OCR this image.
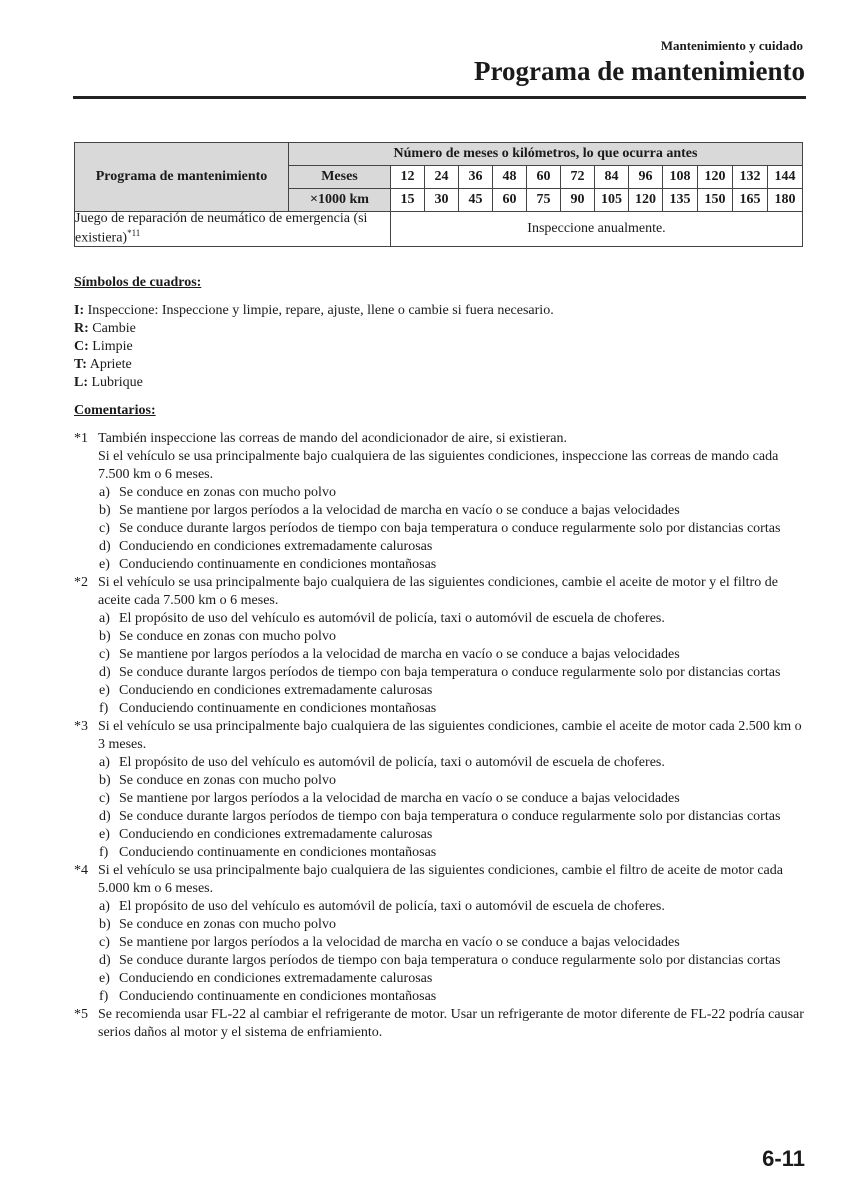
Mantenimiento y cuidado
Programa de mantenimiento
Programa de mantenimiento	Número de meses o kilómetros, lo que ocurra antes												
	Meses	12	24	36	48	60	72	84	96	108	120	132	144
	×1000 km	15	30	45	60	75	90	105	120	135	150	165	180
Juego de reparación de neumático de emergencia (si existiera)$^{*11}$		Inspeccione anualmente.											
Símbolos de cuadros:
I: Inspeccione: Inspeccione y limpie, repare, ajuste, llene o cambie si fuera necesario.
R: Cambie
C: Limpie
T: Apriete
L: Lubrique
Comentarios:
*1 También inspeccione las correas de mando del acondicionador de aire, si existieran.
Si el vehículo se usa principalmente bajo cualquiera de las siguientes condiciones, inspeccione las correas de mando cada 7.500 km o 6 meses.
a) Se conduce en zonas con mucho polvo
b) Se mantiene por largos períodos a la velocidad de marcha en vacío o se conduce a bajas velocidades
c) Se conduce durante largos períodos de tiempo con baja temperatura o conduce regularmente solo por distancias cortas
d) Conduciendo en condiciones extremadamente calurosas
e) Conduciendo continuamente en condiciones montañosas
*2 Si el vehículo se usa principalmente bajo cualquiera de las siguientes condiciones, cambie el aceite de motor y el filtro de aceite cada 7.500 km o 6 meses.
a) El propósito de uso del vehículo es automóvil de policía, taxi o automóvil de escuela de choferes.
b) Se conduce en zonas con mucho polvo
c) Se mantiene por largos períodos a la velocidad de marcha en vacío o se conduce a bajas velocidades
d) Se conduce durante largos períodos de tiempo con baja temperatura o conduce regularmente solo por distancias cortas
e) Conduciendo en condiciones extremadamente calurosas
f) Conduciendo continuamente en condiciones montañosas
*3 Si el vehículo se usa principalmente bajo cualquiera de las siguientes condiciones, cambie el aceite de motor cada 2.500 km o 3 meses.
a) El propósito de uso del vehículo es automóvil de policía, taxi o automóvil de escuela de choferes.
b) Se conduce en zonas con mucho polvo
c) Se mantiene por largos períodos a la velocidad de marcha en vacío o se conduce a bajas velocidades
d) Se conduce durante largos períodos de tiempo con baja temperatura o conduce regularmente solo por distancias cortas
e) Conduciendo en condiciones extremadamente calurosas
f) Conduciendo continuamente en condiciones montañosas
*4 Si el vehículo se usa principalmente bajo cualquiera de las siguientes condiciones, cambie el filtro de aceite de motor cada 5.000 km o 6 meses.
a) El propósito de uso del vehículo es automóvil de policía, taxi o automóvil de escuela de choferes.
b) Se conduce en zonas con mucho polvo
c) Se mantiene por largos períodos a la velocidad de marcha en vacío o se conduce a bajas velocidades
d) Se conduce durante largos períodos de tiempo con baja temperatura o conduce regularmente solo por distancias cortas
e) Conduciendo en condiciones extremadamente calurosas
f) Conduciendo continuamente en condiciones montañosas
*5 Se recomienda usar FL-22 al cambiar el refrigerante de motor. Usar un refrigerante de motor diferente de FL-22 podría causar serios daños al motor y el sistema de enfriamiento.
6-11
